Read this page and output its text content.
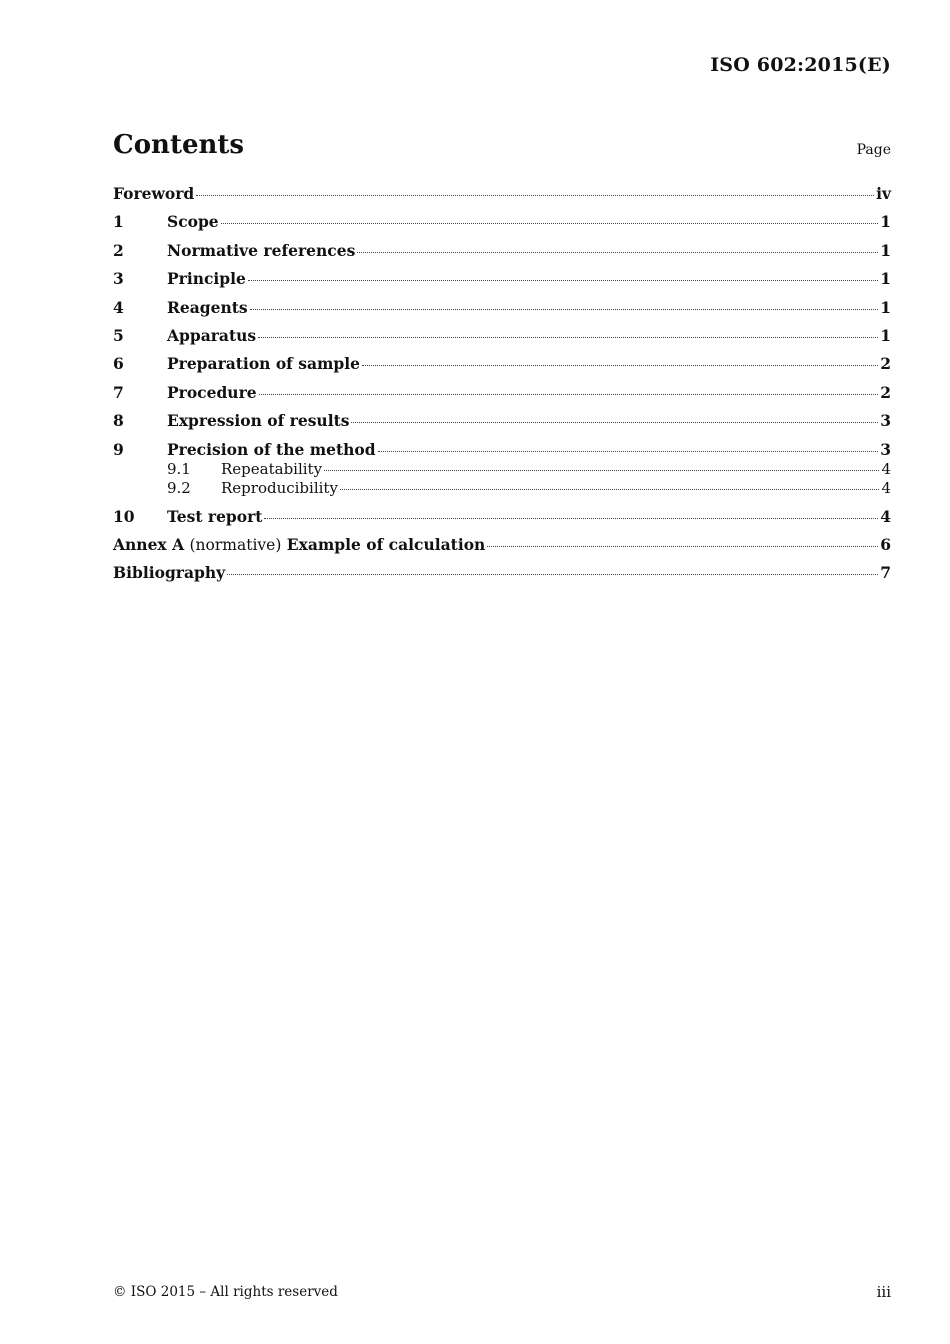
ISO 602:2015(E)
Contents	Page
Foreword	iv
1	Scope	1
2	Normative references	1
3	Principle	1
4	Reagents	1
5	Apparatus	1
6	Preparation of sample	2
7	Procedure	2
8	Expression of results	3
9	Precision of the method	3
9.1	Repeatability	4
9.2	Reproducibility	4
10	Test report	4
Annex A (normative) Example of calculation	6
Bibliography	7
© ISO 2015 – All rights reserved	iii
